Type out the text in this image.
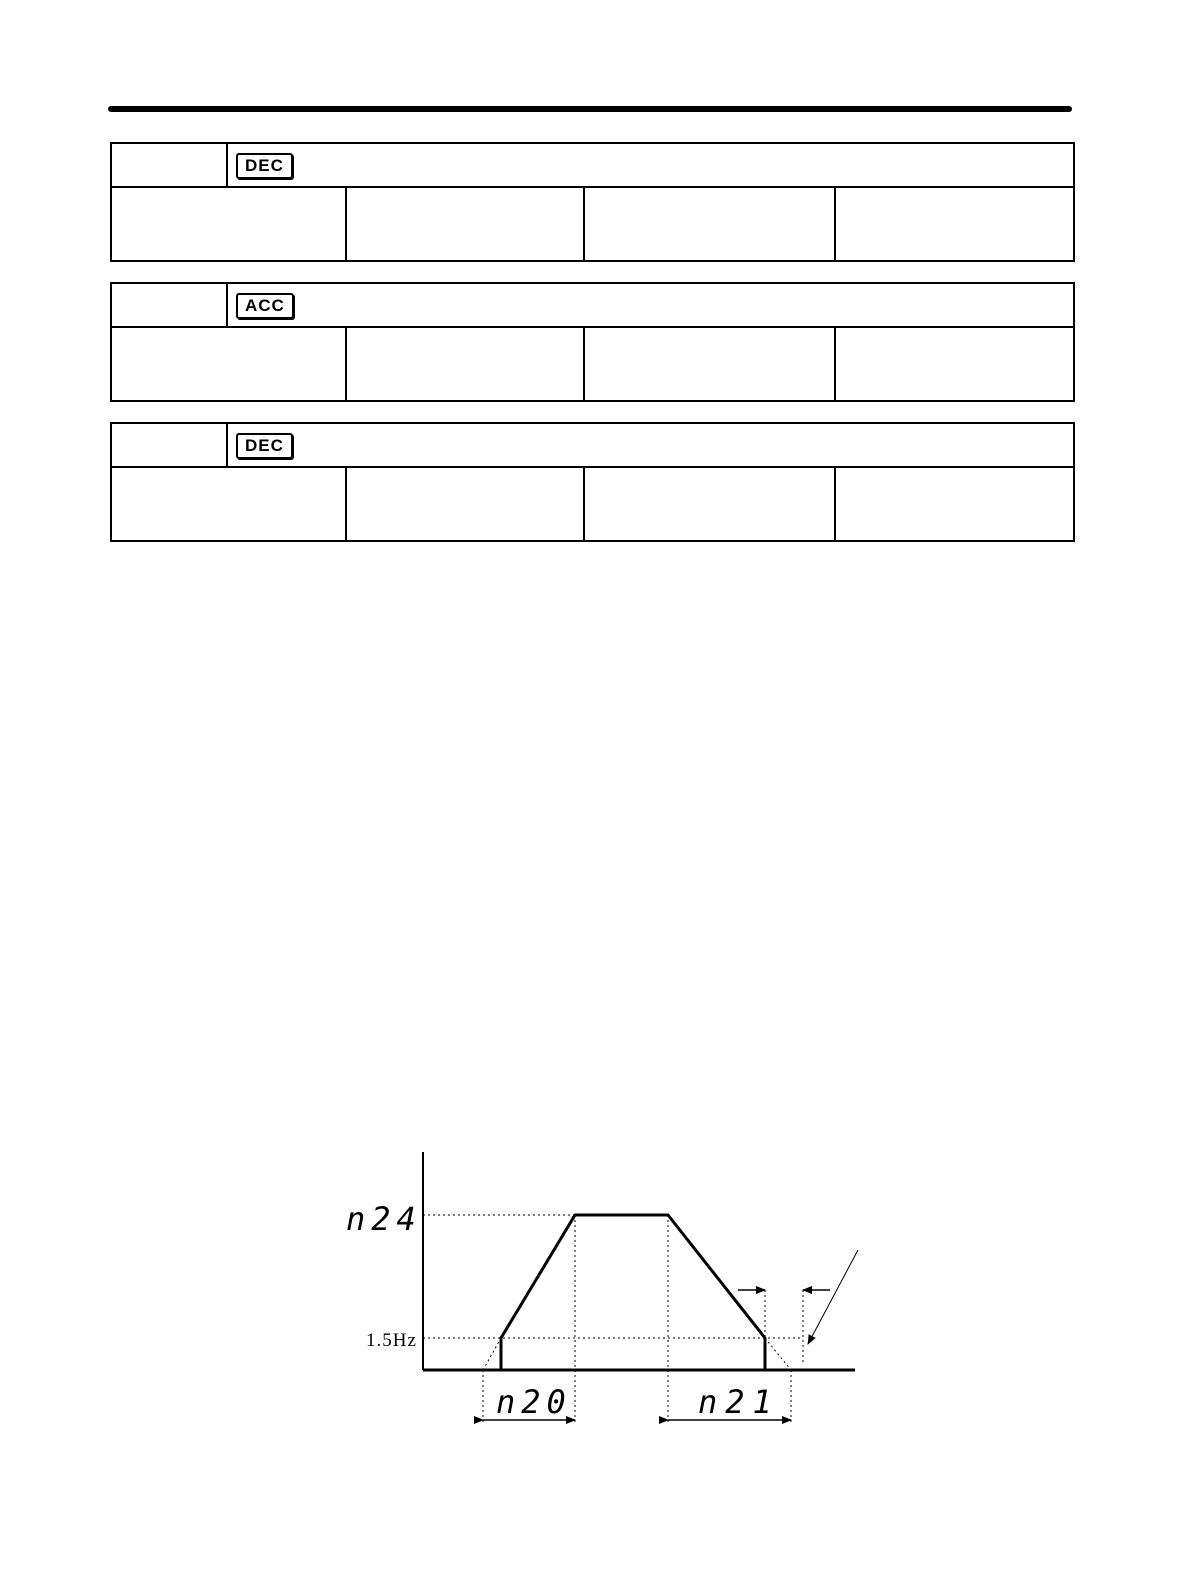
	DEC			

	ACC			

	DEC			

n24
1.5Hz
n20	n21
